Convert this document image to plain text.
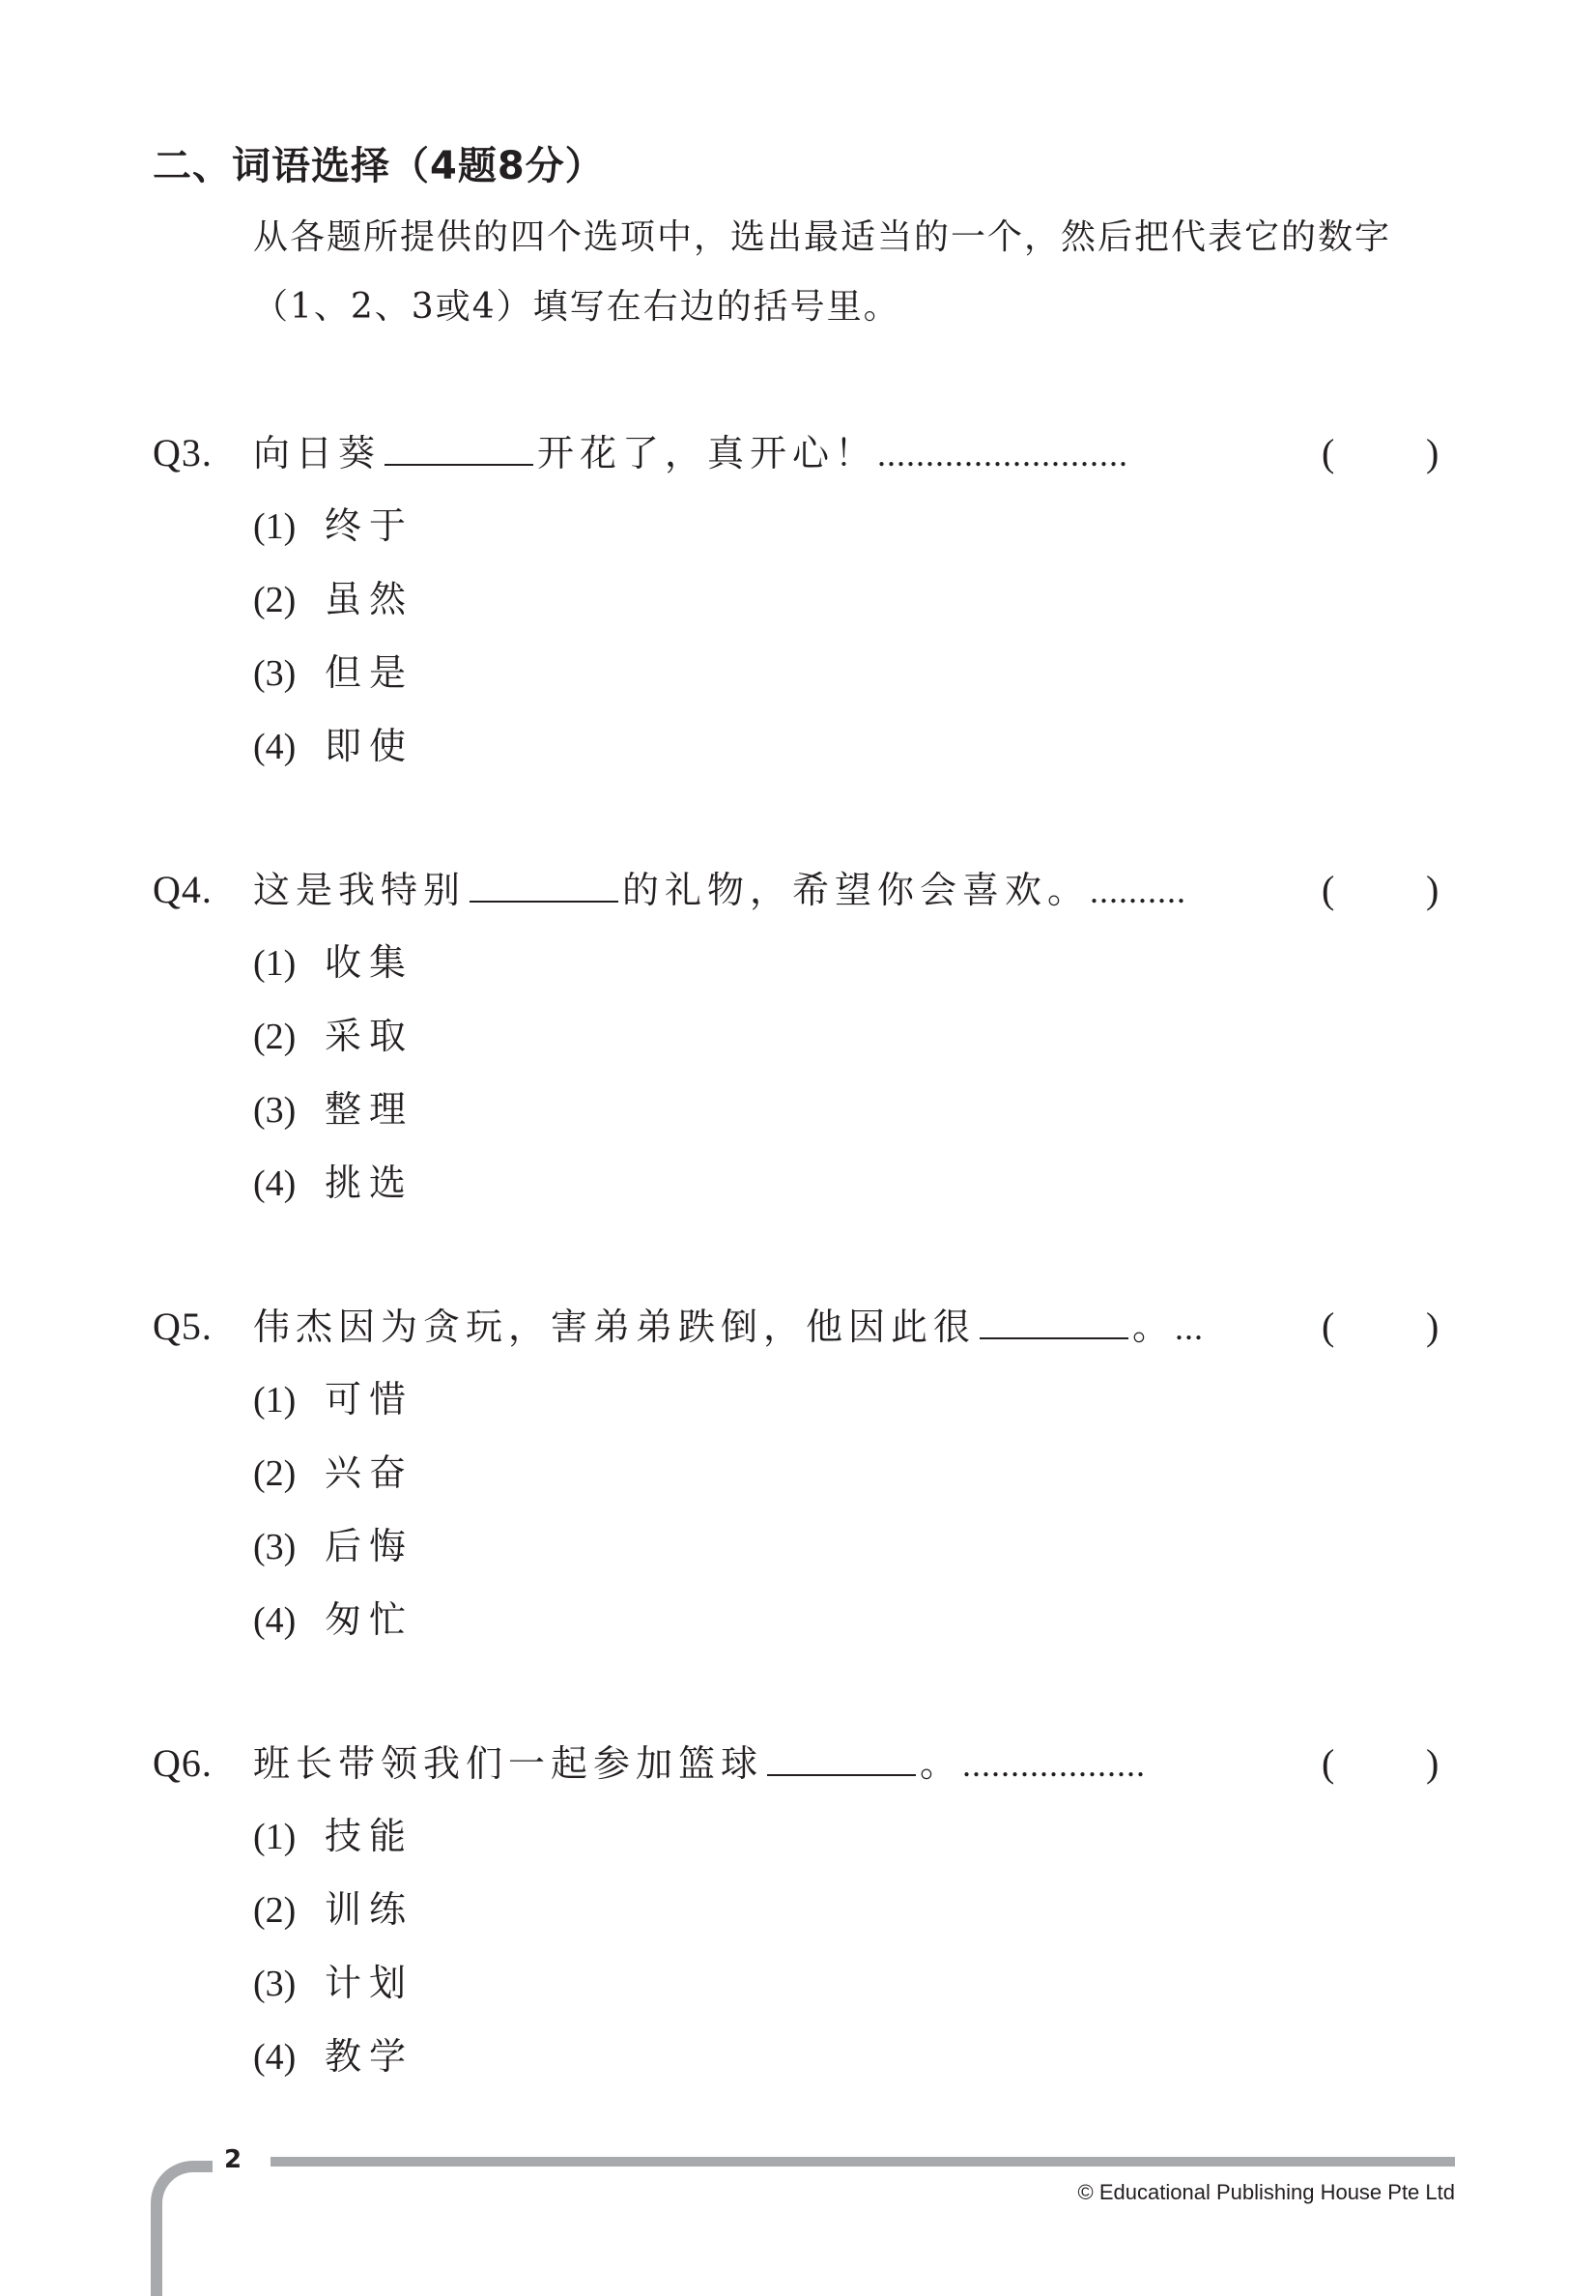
二、词语选择（4题8分）
从各题所提供的四个选项中，选出最适当的一个，然后把代表它的数字（1、2、3或4）填写在右边的括号里。
Q3. 向日葵	开花了，真开心！..........................	( )
(1) 终于
(2) 虽然
(3) 但是
(4) 即使
Q4. 这是我特别	的礼物，希望你会喜欢。..........	( )
(1) 收集
(2) 采取
(3) 整理
(4) 挑选
Q5. 伟杰因为贪玩，害弟弟跌倒，他因此很	。...	( )
(1) 可惜
(2) 兴奋
(3) 后悔
(4) 匆忙
Q6. 班长带领我们一起参加篮球	。...................	( )
(1) 技能
(2) 训练
(3) 计划
(4) 教学
2
© Educational Publishing House Pte Ltd
